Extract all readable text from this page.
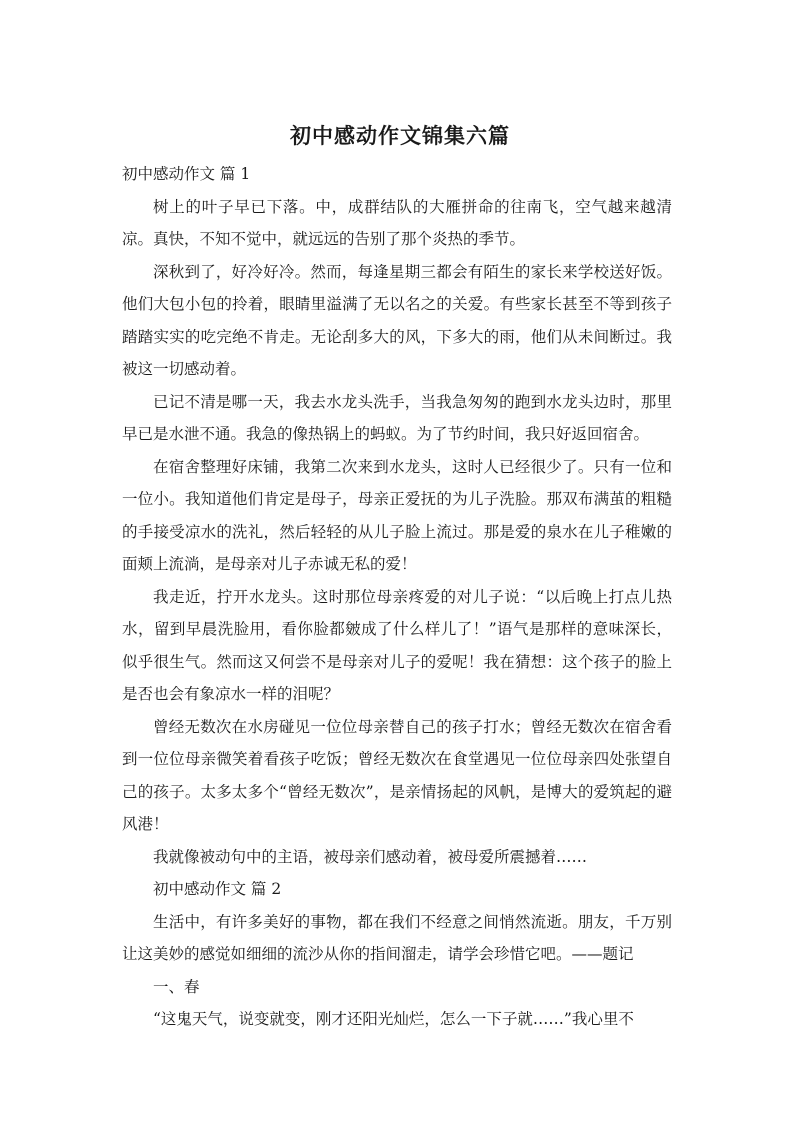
初中感动作文锦集六篇

初中感动作文 篇 1

树上的叶子早已下落。中，成群结队的大雁拼命的往南飞，空气越来越清凉。真快，不知不觉中，就远远的告别了那个炎热的季节。

深秋到了，好冷好冷。然而，每逢星期三都会有陌生的家长来学校送好饭。他们大包小包的拎着，眼睛里溢满了无以名之的关爱。有些家长甚至不等到孩子踏踏实实的吃完绝不肯走。无论刮多大的风，下多大的雨，他们从未间断过。我被这一切感动着。

已记不清是哪一天，我去水龙头洗手，当我急匆匆的跑到水龙头边时，那里早已是水泄不通。我急的像热锅上的蚂蚁。为了节约时间，我只好返回宿舍。

在宿舍整理好床铺，我第二次来到水龙头，这时人已经很少了。只有一位和一位小。我知道他们肯定是母子，母亲正爱抚的为儿子洗脸。那双布满茧的粗糙的手接受凉水的洗礼，然后轻轻的从儿子脸上流过。那是爱的泉水在儿子稚嫩的面颊上流淌，是母亲对儿子赤诚无私的爱！

我走近，拧开水龙头。这时那位母亲疼爱的对儿子说：“以后晚上打点儿热水，留到早晨洗脸用，看你脸都皴成了什么样儿了！”语气是那样的意味深长，似乎很生气。然而这又何尝不是母亲对儿子的爱呢！我在猜想：这个孩子的脸上是否也会有象凉水一样的泪呢？

曾经无数次在水房碰见一位位母亲替自己的孩子打水；曾经无数次在宿舍看到一位位母亲微笑着看孩子吃饭；曾经无数次在食堂遇见一位位母亲四处张望自己的孩子。太多太多个“曾经无数次”，是亲情扬起的风帆，是博大的爱筑起的避风港！

我就像被动句中的主语，被母亲们感动着，被母爱所震撼着……

初中感动作文 篇 2

生活中，有许多美好的事物，都在我们不经意之间悄然流逝。朋友，千万别让这美妙的感觉如细细的流沙从你的指间溜走，请学会珍惜它吧。——题记

一、春

“这鬼天气，说变就变，刚才还阳光灿烂，怎么一下子就……”我心里不
